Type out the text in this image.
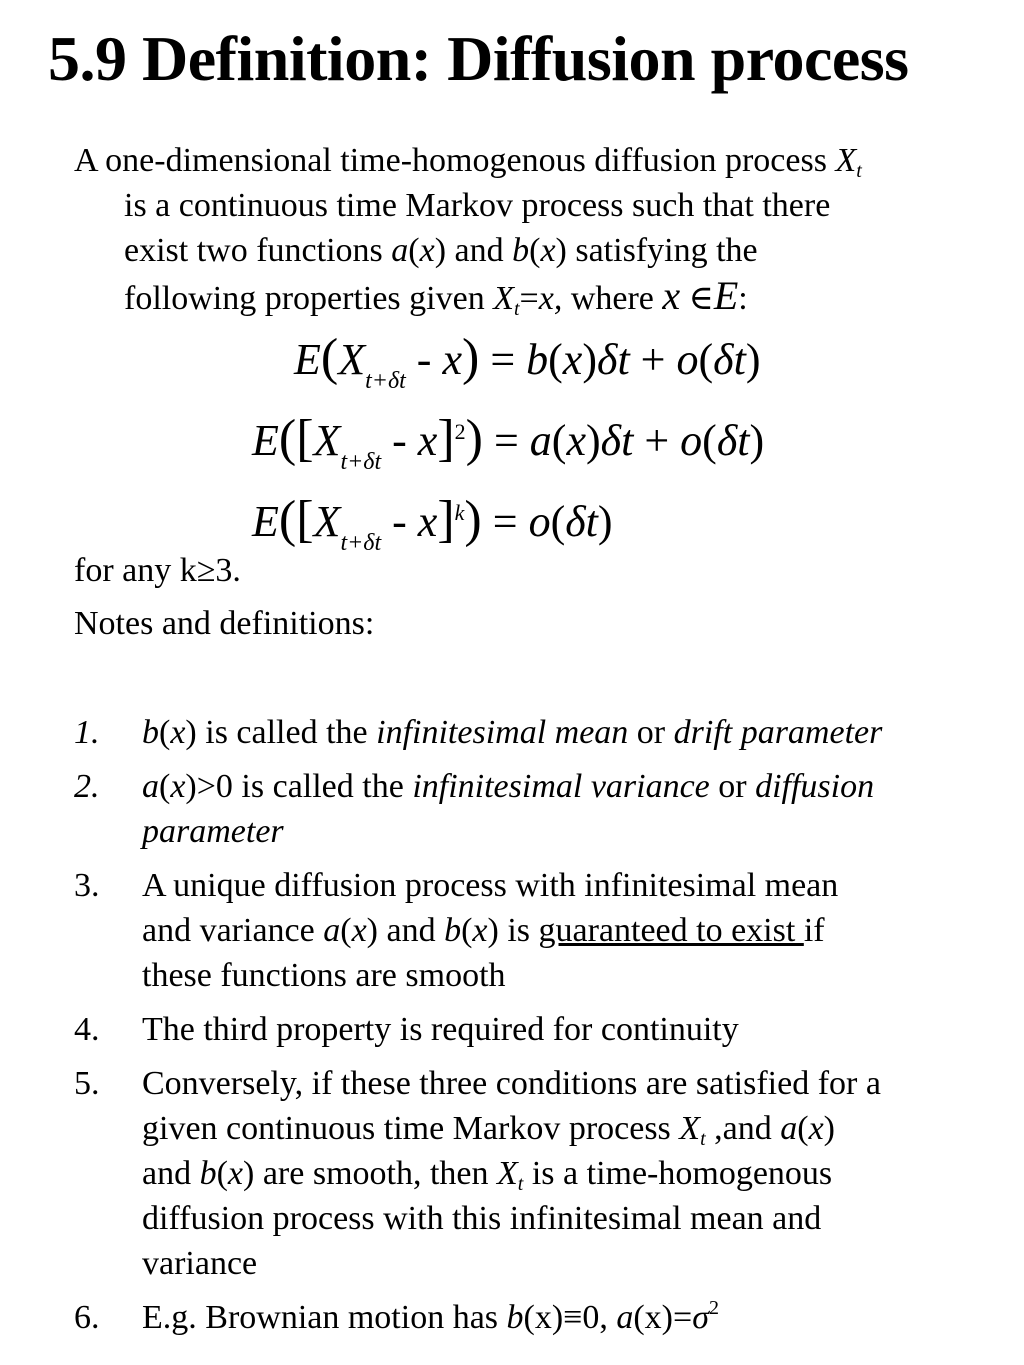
5.9 Definition: Diffusion process
A one-dimensional time-homogenous diffusion process $X_t$
is a continuous time Markov process such that there
exist two functions a(x) and b(x) satisfying the
following properties given $X_t=x$, where x ∈E:
$E(X_{t+\delta t} - x) = b(x)\delta t + o(\delta t)$
$E([X_{t+\delta t} - x]^2) = a(x)\delta t + o(\delta t)$
$E([X_{t+\delta t} - x]^k) = o(\delta t)$
for any k≥3.
Notes and definitions:
1. b(x) is called the infinitesimal mean or drift parameter
2. a(x)>0 is called the infinitesimal variance or diffusion
parameter
3. A unique diffusion process with infinitesimal mean
and variance a(x) and b(x) is guaranteed to exist if
these functions are smooth
4. The third property is required for continuity
5. Conversely, if these three conditions are satisfied for a
given continuous time Markov process $X_t$ ,and a(x)
and b(x) are smooth, then $X_t$ is a time-homogenous
diffusion process with this infinitesimal mean and
variance
6. E.g. Brownian motion has b(x)≡0, $a(x)=\sigma^2$
